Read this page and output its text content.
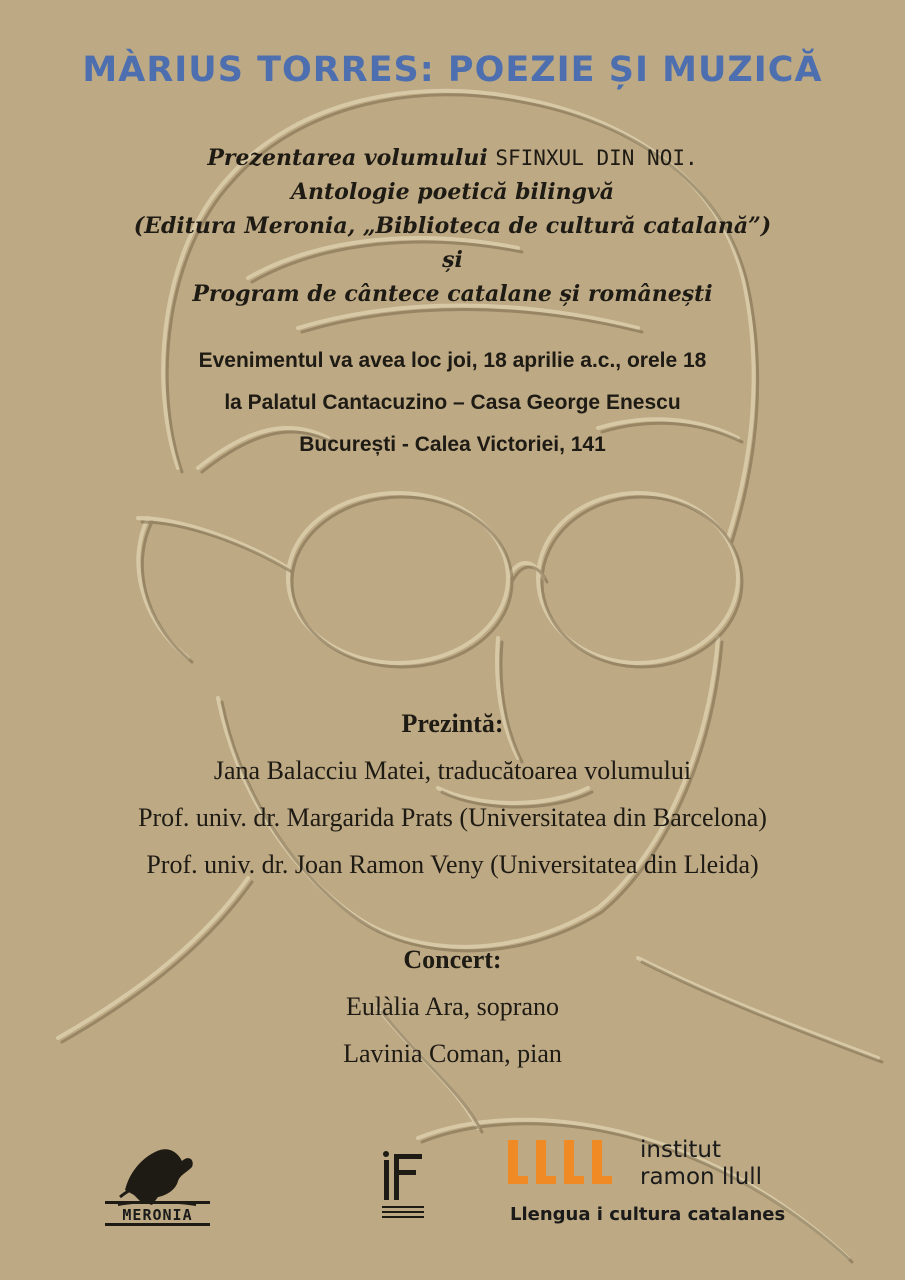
MÀRIUS TORRES: POEZIE ȘI MUZICĂ
Prezentarea volumului SFINXUL DIN NOI.
Antologie poetică bilingvă
(Editura Meronia, „Biblioteca de cultură catalană”)
și
Program de cântece catalane și românești
Evenimentul va avea loc joi, 18 aprilie a.c., orele 18
la Palatul Cantacuzino – Casa George Enescu
București - Calea Victoriei, 141
Prezintă:
Jana Balacciu Matei, traducătoarea volumului
Prof. univ. dr. Margarida Prats (Universitatea din Barcelona)
Prof. univ. dr. Joan Ramon Veny (Universitatea din Lleida)
Concert:
Eulàlia Ara, soprano
Lavinia Coman, pian
MERONIA
institut
ramon llull
Llengua i cultura catalanes
